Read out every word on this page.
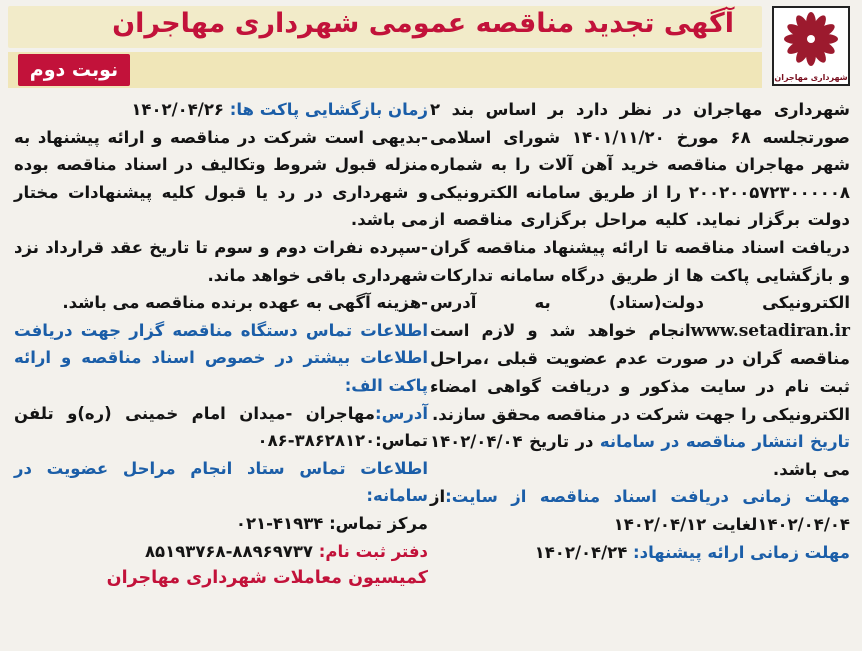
شهرداری مهاجران
آگهی تجدید مناقصه عمومی شهرداری مهاجران
نوبت دوم

شهرداری مهاجران در نظر دارد بر اساس بند ۲ صورتجلسه ۶۸ مورخ ۱۴۰۱/۱۱/۲۰ شورای اسلامی شهر مهاجران مناقصه خرید آهن آلات را به شماره ۲۰۰۲۰۰۵۷۲۳۰۰۰۰۰۸ را از طریق سامانه الکترونیکی دولت برگزار نماید. کلیه مراحل برگزاری مناقصه از دریافت اسناد مناقصه تا ارائه پیشنهاد مناقصه گران و بازگشایی پاکت ها از طریق درگاه سامانه تدارکات الکترونیکی دولت(ستاد) به آدرس www.setadiran.irانجام خواهد شد و لازم است مناقصه گران در صورت عدم عضویت قبلی ،مراحل ثبت نام در سایت مذکور و دریافت گواهی امضاء الکترونیکی را جهت شرکت در مناقصه محقق سازند.

تاریخ انتشار مناقصه در سامانه در تاریخ ۱۴۰۲/۰۴/۰۴ می باشد.

مهلت زمانی دریافت اسناد مناقصه از سایت:از ۱۴۰۲/۰۴/۰۴لغایت ۱۴۰۲/۰۴/۱۲

مهلت زمانی ارائه پیشنهاد: ۱۴۰۲/۰۴/۲۴

زمان بازگشایی پاکت ها: ۱۴۰۲/۰۴/۲۶

-بدیهی است شرکت در مناقصه و ارائه پیشنهاد به منزله قبول شروط وتکالیف در اسناد مناقصه بوده و شهرداری در رد یا قبول کلیه پیشنهادات مختار می باشد.

-سپرده نفرات دوم و سوم تا تاریخ عقد قرارداد نزد شهرداری باقی خواهد ماند.

-هزینه آگهی به عهده برنده مناقصه می باشد.

اطلاعات تماس دستگاه مناقصه گزار جهت دریافت اطلاعات بیشتر در خصوص اسناد مناقصه و ارائه پاکت الف:

آدرس:مهاجران -میدان امام خمینی (ره)و تلفن تماس:۳۸۶۲۸۱۲۰-۰۸۶

اطلاعات تماس ستاد انجام مراحل عضویت در سامانه:

مرکز تماس: ۴۱۹۳۴-۰۲۱

دفتر ثبت نام: ۸۸۹۶۹۷۳۷-۸۵۱۹۳۷۶۸

کمیسیون معاملات شهرداری مهاجران
